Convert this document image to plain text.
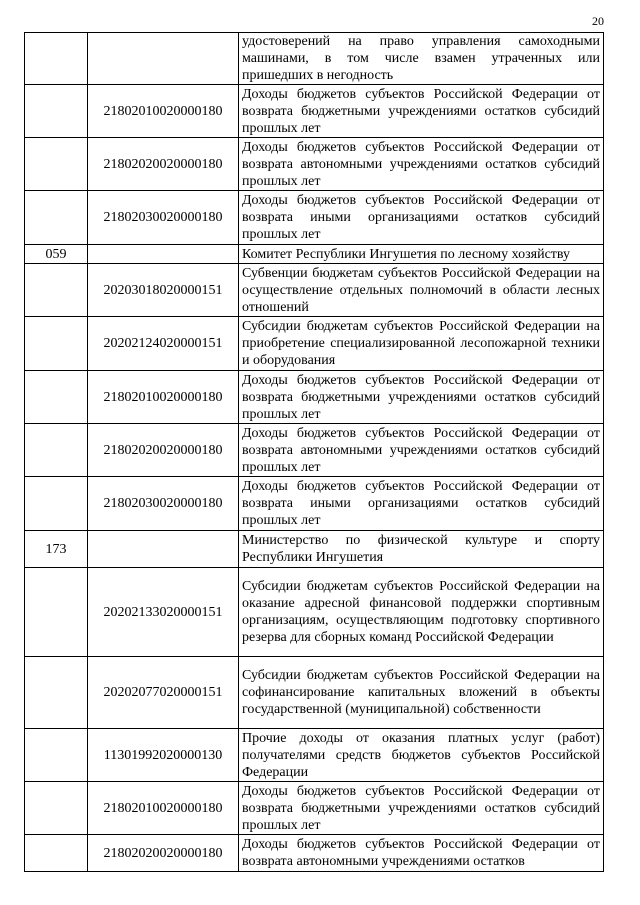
20
		удостоверений на право управления самоходными машинами, в том числе взамен утраченных или пришедших в негодность
	21802010020000180	Доходы бюджетов субъектов Российской Федерации от возврата бюджетными учреждениями остатков субсидий прошлых лет
	21802020020000180	Доходы бюджетов субъектов Российской Федерации от возврата автономными учреждениями остатков субсидий прошлых лет
	21802030020000180	Доходы бюджетов субъектов Российской Федерации от возврата иными организациями остатков субсидий прошлых лет
059		Комитет Республики Ингушетия по лесному хозяйству
	20203018020000151	Субвенции бюджетам субъектов Российской Федерации на осуществление отдельных полномочий в области лесных отношений
	20202124020000151	Субсидии бюджетам субъектов Российской Федерации на приобретение специализированной лесопожарной техники и оборудования
	21802010020000180	Доходы бюджетов субъектов Российской Федерации от возврата бюджетными учреждениями остатков субсидий прошлых лет
	21802020020000180	Доходы бюджетов субъектов Российской Федерации от возврата автономными учреждениями остатков субсидий прошлых лет
	21802030020000180	Доходы бюджетов субъектов Российской Федерации от возврата иными организациями остатков субсидий прошлых лет
173		Министерство по физической культуре и спорту Республики Ингушетия
	20202133020000151	Субсидии бюджетам субъектов Российской Федерации на оказание адресной финансовой поддержки спортивным организациям, осуществляющим подготовку спортивного резерва для сборных команд Российской Федерации
	20202077020000151	Субсидии бюджетам субъектов Российской Федерации на софинансирование капитальных вложений в объекты государственной (муниципальной) собственности
	11301992020000130	Прочие доходы от оказания платных услуг (работ) получателями средств бюджетов субъектов Российской Федерации
	21802010020000180	Доходы бюджетов субъектов Российской Федерации от возврата бюджетными учреждениями остатков субсидий прошлых лет
	21802020020000180	Доходы бюджетов субъектов Российской Федерации от возврата автономными учреждениями остатков
